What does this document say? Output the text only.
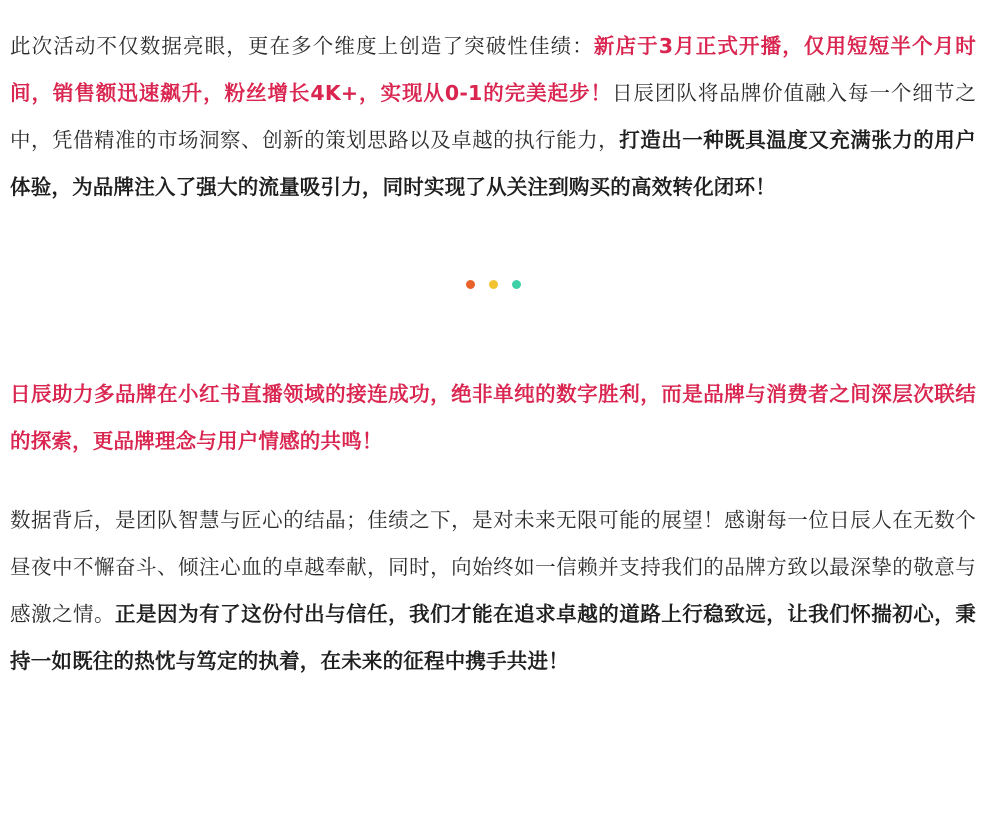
此次活动不仅数据亮眼，更在多个维度上创造了突破性佳绩：新店于3月正式开播，仅用短短半个月时间，销售额迅速飙升，粉丝增长4K+，实现从0-1的完美起步！日辰团队将品牌价值融入每一个细节之中，凭借精准的市场洞察、创新的策划思路以及卓越的执行能力，打造出一种既具温度又充满张力的用户体验，为品牌注入了强大的流量吸引力，同时实现了从关注到购买的高效转化闭环！

日辰助力多品牌在小红书直播领域的接连成功，绝非单纯的数字胜利，而是品牌与消费者之间深层次联结的探索，更品牌理念与用户情感的共鸣！

数据背后，是团队智慧与匠心的结晶；佳绩之下，是对未来无限可能的展望！感谢每一位日辰人在无数个昼夜中不懈奋斗、倾注心血的卓越奉献，同时，向始终如一信赖并支持我们的品牌方致以最深挚的敬意与感激之情。正是因为有了这份付出与信任，我们才能在追求卓越的道路上行稳致远，让我们怀揣初心，秉持一如既往的热忱与笃定的执着，在未来的征程中携手共进！
